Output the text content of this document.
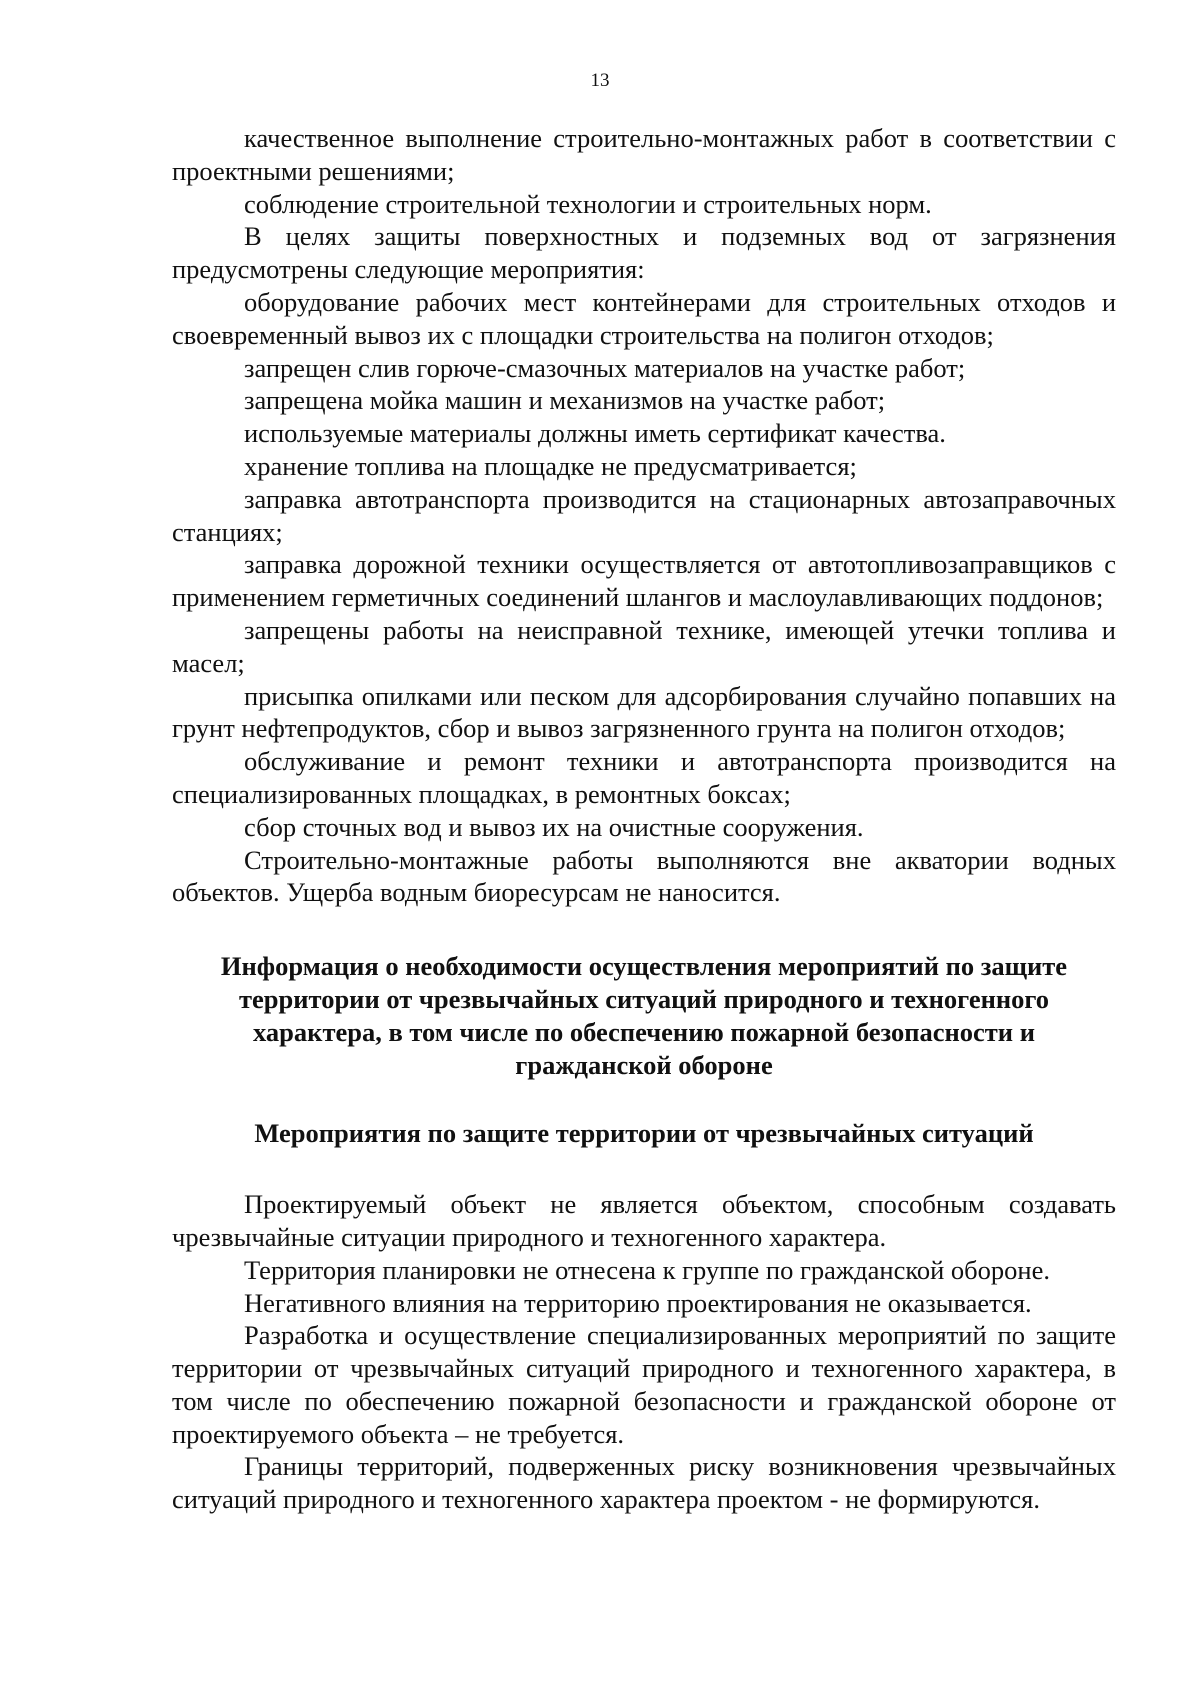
13

качественное выполнение строительно-монтажных работ в соответствии с проектными решениями;

соблюдение строительной технологии и строительных норм.

В целях защиты поверхностных и подземных вод от загрязнения предусмотрены следующие мероприятия:

оборудование рабочих мест контейнерами для строительных отходов и своевременный вывоз их с площадки строительства на полигон отходов;

запрещен слив горюче-смазочных материалов на участке работ;

запрещена мойка машин и механизмов на участке работ;

используемые материалы должны иметь сертификат качества.

хранение топлива на площадке не предусматривается;

заправка автотранспорта производится на стационарных автозаправочных станциях;

заправка дорожной техники осуществляется от автотопливозаправщиков с применением герметичных соединений шлангов и маслоулавливающих поддонов;

запрещены работы на неисправной технике, имеющей утечки топлива и масел;

присыпка опилками или песком для адсорбирования случайно попавших на грунт нефтепродуктов, сбор и вывоз загрязненного грунта на полигон отходов;

обслуживание и ремонт техники и автотранспорта производится на специализированных площадках, в ремонтных боксах;

сбор сточных вод и вывоз их на очистные сооружения.

Строительно-монтажные работы выполняются вне акватории водных объектов. Ущерба водным биоресурсам не наносится.

Информация о необходимости осуществления мероприятий по защите
территории от чрезвычайных ситуаций природного и техногенного
характера, в том числе по обеспечению пожарной безопасности и
гражданской обороне
Мероприятия по защите территории от чрезвычайных ситуаций

Проектируемый объект не является объектом, способным создавать чрезвычайные ситуации природного и техногенного характера.

Территория планировки не отнесена к группе по гражданской обороне.

Негативного влияния на территорию проектирования не оказывается.

Разработка и осуществление специализированных мероприятий по защите территории от чрезвычайных ситуаций природного и техногенного характера, в том числе по обеспечению пожарной безопасности и гражданской обороне от проектируемого объекта – не требуется.

Границы территорий, подверженных риску возникновения чрезвычайных ситуаций природного и техногенного характера проектом - не формируются.
